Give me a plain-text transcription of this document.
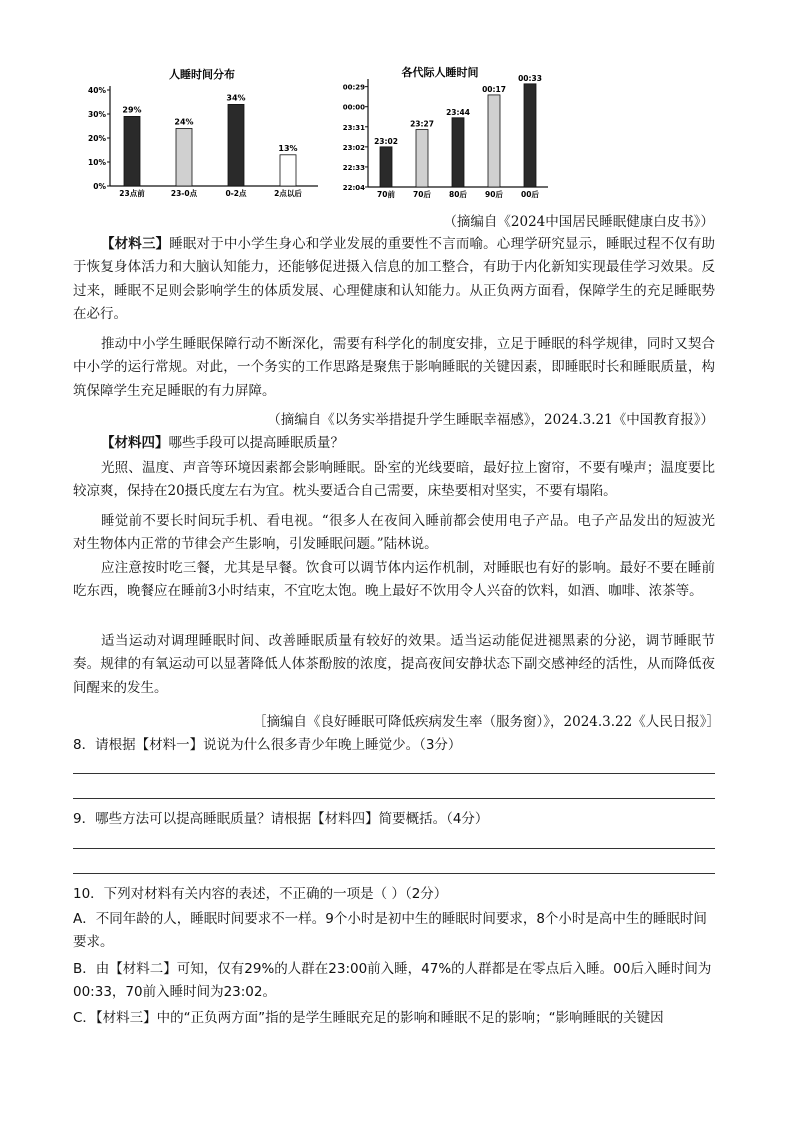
人睡时间分布
0%
10%
20%
30%
40%
29%
23点前
24%
23-0点
34%
0-2点
13%
2点以后
各代际人睡时间
22:04
22:33
23:02
23:31
00:00
00:29
23:02
70前
23:27
70后
23:44
80后
00:17
90后
00:33
00后
（摘编自《2024中国居民睡眠健康白皮书》）

【材料三】睡眠对于中小学生身心和学业发展的重要性不言而喻。心理学研究显示，睡眠过程不仅有助于恢复身体活力和大脑认知能力，还能够促进摄入信息的加工整合，有助于内化新知实现最佳学习效果。反过来，睡眠不足则会影响学生的体质发展、心理健康和认知能力。从正负两方面看，保障学生的充足睡眠势在必行。

推动中小学生睡眠保障行动不断深化，需要有科学化的制度安排，立足于睡眠的科学规律，同时又契合中小学的运行常规。对此，一个务实的工作思路是聚焦于影响睡眠的关键因素，即睡眠时长和睡眠质量，构筑保障学生充足睡眠的有力屏障。

（摘编自《以务实举措提升学生睡眠幸福感》，2024.3.21《中国教育报》）

【材料四】哪些手段可以提高睡眠质量？

光照、温度、声音等环境因素都会影响睡眠。卧室的光线要暗，最好拉上窗帘，不要有噪声；温度要比较凉爽，保持在20摄氏度左右为宜。枕头要适合自己需要，床垫要相对坚实，不要有塌陷。

睡觉前不要长时间玩手机、看电视。“很多人在夜间入睡前都会使用电子产品。电子产品发出的短波光对生物体内正常的节律会产生影响，引发睡眠问题。”陆林说。

应注意按时吃三餐，尤其是早餐。饮食可以调节体内运作机制，对睡眠也有好的影响。最好不要在睡前吃东西，晚餐应在睡前3小时结束，不宜吃太饱。晚上最好不饮用令人兴奋的饮料，如酒、咖啡、浓茶等。

适当运动对调理睡眠时间、改善睡眠质量有较好的效果。适当运动能促进褪黑素的分泌，调节睡眠节奏。规律的有氧运动可以显著降低人体茶酚胺的浓度，提高夜间安静状态下副交感神经的活性，从而降低夜间醒来的发生。

［摘编自《良好睡眠可降低疾病发生率（服务窗）》，2024.3.22《人民日报》］

8．请根据【材料一】说说为什么很多青少年晚上睡觉少。（3分）

9．哪些方法可以提高睡眠质量？请根据【材料四】简要概括。（4分）

10．下列对材料有关内容的表述，不正确的一项是（ ）（2分）

A．不同年龄的人，睡眠时间要求不一样。9个小时是初中生的睡眠时间要求，8个小时是高中生的睡眠时间要求。

B．由【材料二】可知，仅有29%的人群在23:00前入睡，47%的人群都是在零点后入睡。00后入睡时间为00:33，70前入睡时间为23:02。

C．【材料三】中的“正负两方面”指的是学生睡眠充足的影响和睡眠不足的影响；“影响睡眠的关键因
